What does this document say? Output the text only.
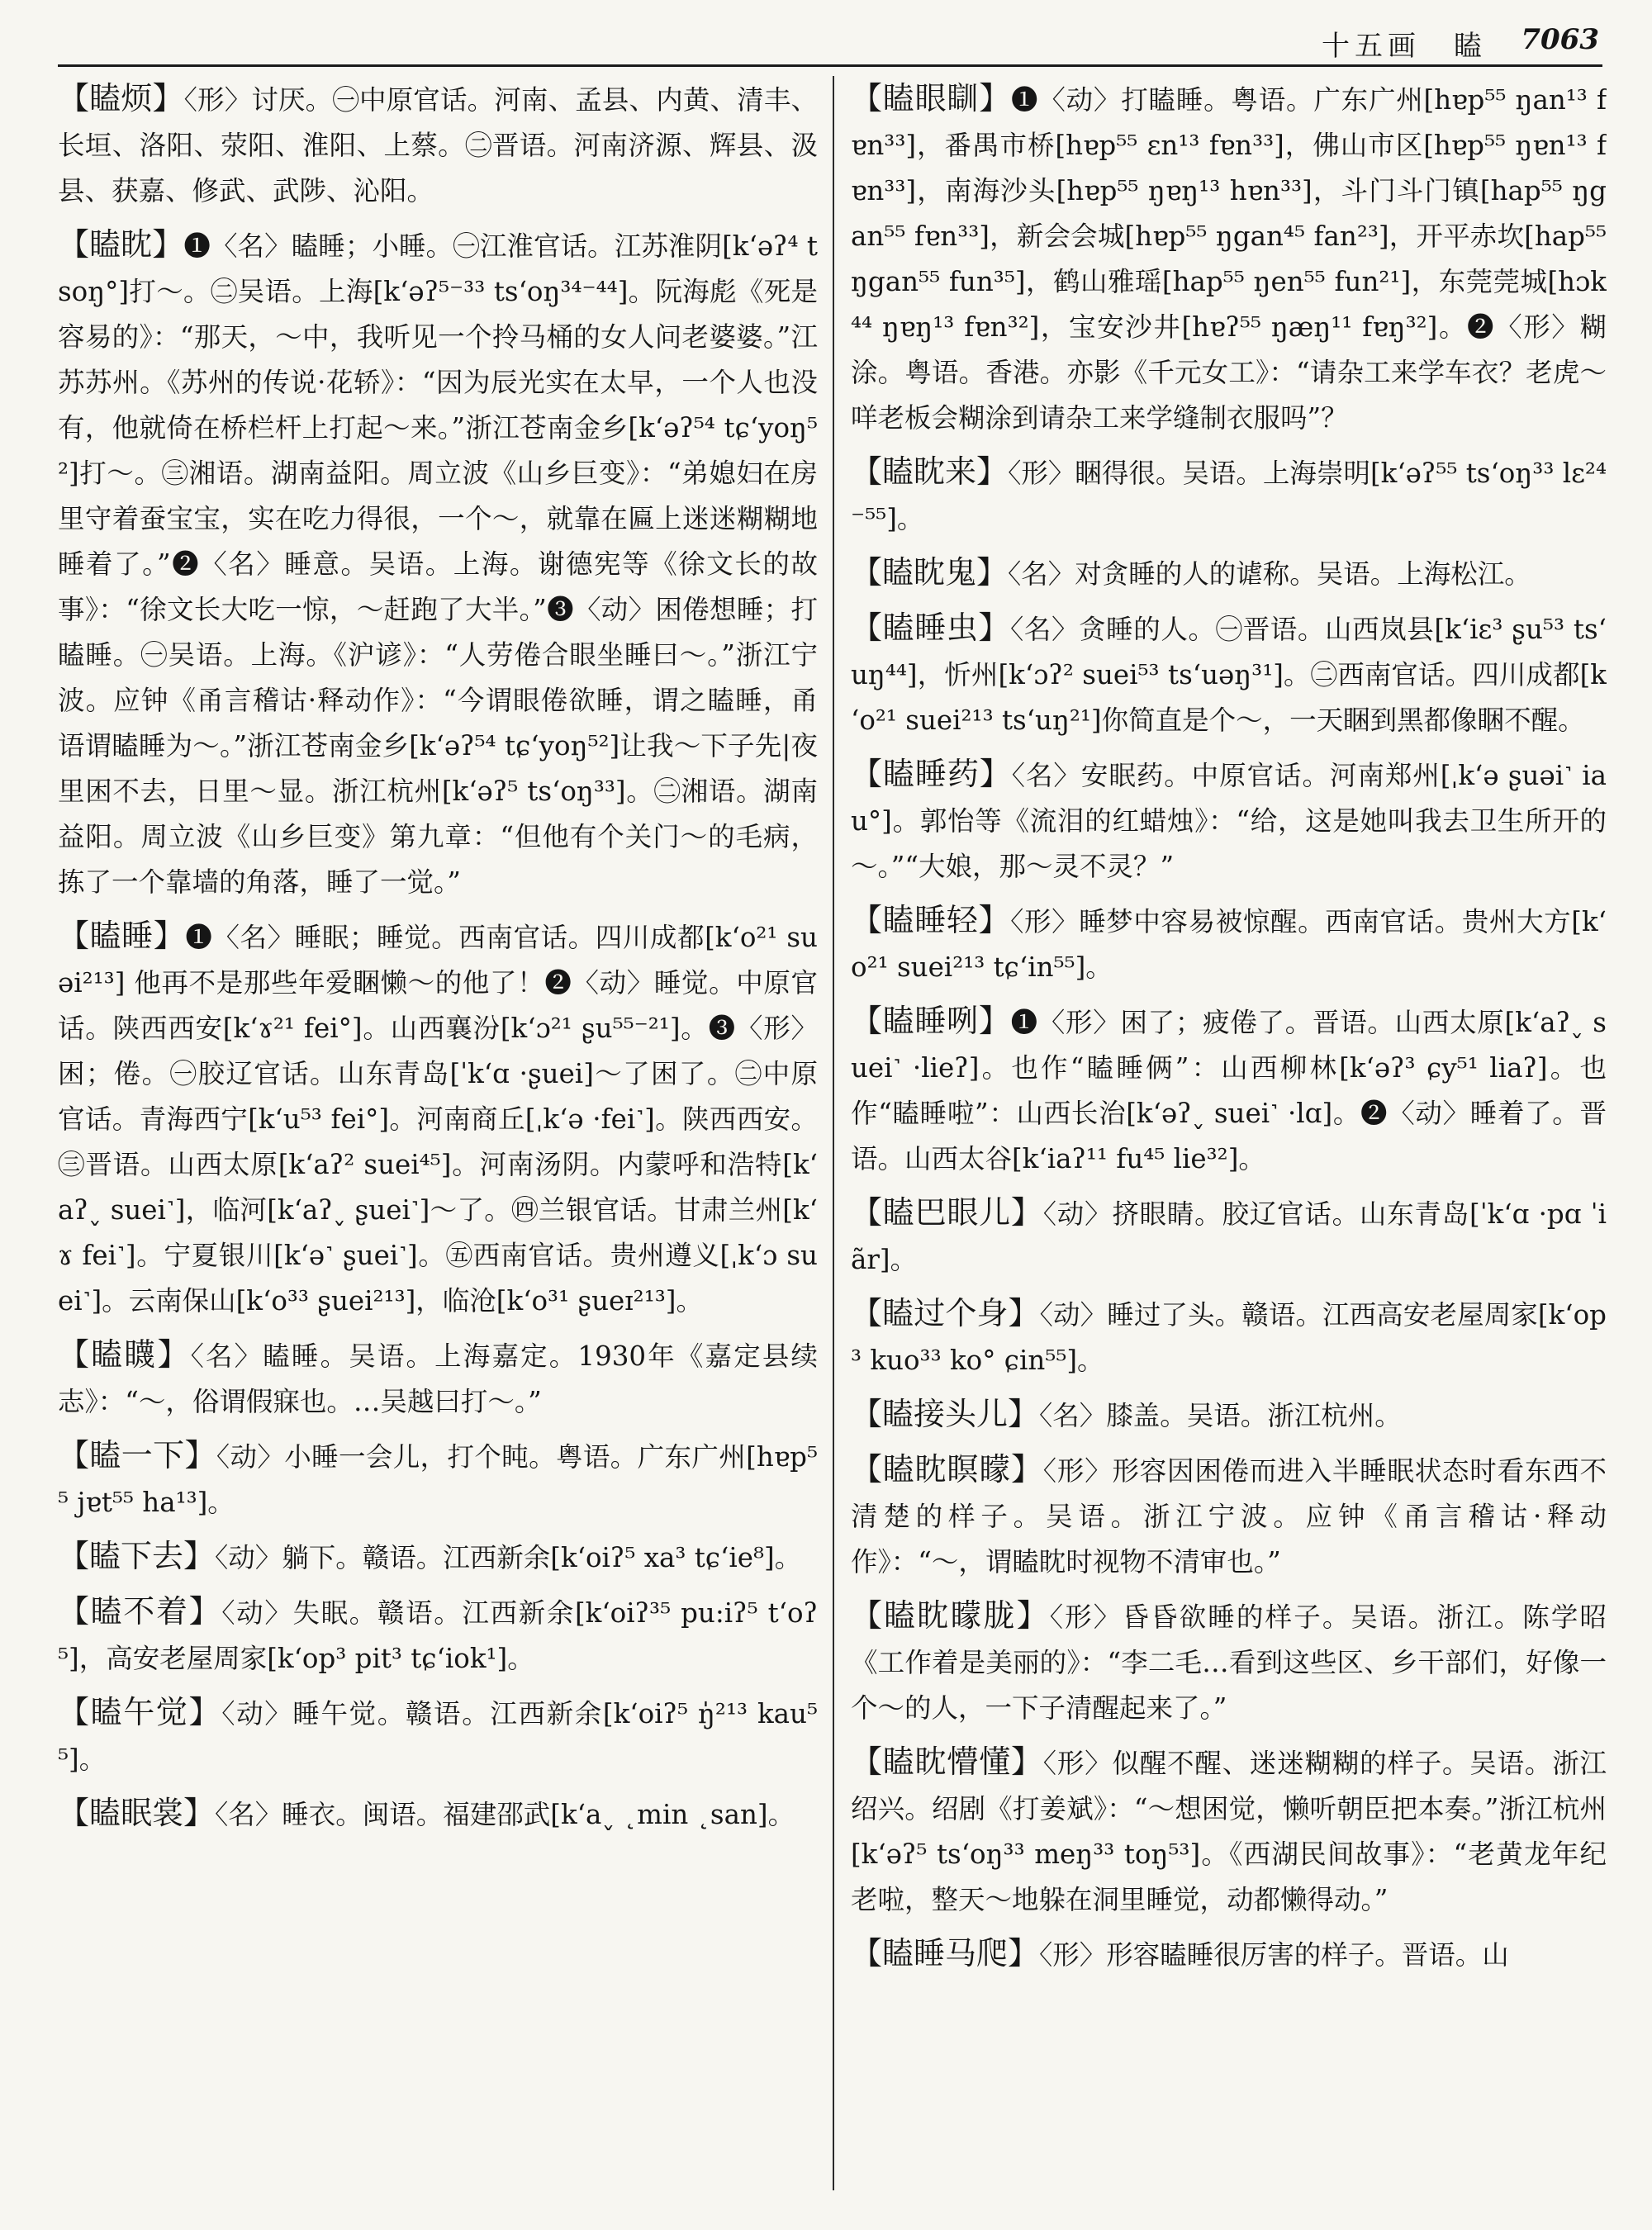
十五画　瞌 7063

【瞌烦】〈形〉讨厌。㊀中原官话。河南、孟县、内黄、清丰、长垣、洛阳、荥阳、淮阳、上蔡。㊁晋语。河南济源、辉县、汲县、获嘉、修武、武陟、沁阳。

【瞌眈】❶〈名〉瞌睡；小睡。㊀江淮官话。江苏淮阴[kʻəʔ⁴ tsoŋ°]打～。㊁吴语。上海[kʻəʔ⁵⁻³³ tsʻoŋ³⁴⁻⁴⁴]。阮海彪《死是容易的》：“那天，～中，我听见一个拎马桶的女人问老婆婆。”江苏苏州。《苏州的传说·花轿》：“因为辰光实在太早，一个人也没有，他就倚在桥栏杆上打起～来。”浙江苍南金乡[kʻəʔ⁵⁴ tɕʻyoŋ⁵²]打～。㊂湘语。湖南益阳。周立波《山乡巨变》：“弟媳妇在房里守着蚕宝宝，实在吃力得很，一个～，就靠在匾上迷迷糊糊地睡着了。”❷〈名〉睡意。吴语。上海。谢德宪等《徐文长的故事》：“徐文长大吃一惊，～赶跑了大半。”❸〈动〉困倦想睡；打瞌睡。㊀吴语。上海。《沪谚》：“人劳倦合眼坐睡曰～。”浙江宁波。应钟《甬言稽诂·释动作》：“今谓眼倦欲睡，谓之瞌睡，甬语谓瞌睡为～。”浙江苍南金乡[kʻəʔ⁵⁴ tɕʻyoŋ⁵²]让我～下子先|夜里困不去，日里～显。浙江杭州[kʻəʔ⁵ tsʻoŋ³³]。㊁湘语。湖南益阳。周立波《山乡巨变》第九章：“但他有个关门～的毛病，拣了一个靠墙的角落，睡了一觉。”

【瞌睡】❶〈名〉睡眠；睡觉。西南官话。四川成都[kʻo²¹ suəi²¹³] 他再不是那些年爱睏懒～的他了！❷〈动〉睡觉。中原官话。陕西西安[kʻɤ²¹ fei°]。山西襄汾[kʻɔ²¹ ʂu⁵⁵⁻²¹]。❸〈形〉困；倦。㊀胶辽官话。山东青岛[ˈkʻɑ ·ʂuei]～了困了。㊁中原官话。青海西宁[kʻu⁵³ fei°]。河南商丘[ˌkʻə ·fei˺]。陕西西安。㊂晋语。山西太原[kʻaʔ² suei⁴⁵]。河南汤阴。内蒙呼和浩特[kʻaʔ˯ suei˺]，临河[kʻaʔ˯ ʂuei˺]～了。㊃兰银官话。甘肃兰州[kʻɤ fei˺]。宁夏银川[kʻə˺ ʂuei˺]。㊄西南官话。贵州遵义[ˌkʻɔ suei˺]。云南保山[kʻo³³ ʂuei²¹³]，临沧[kʻo³¹ ʂueɪ²¹³]。

【瞌䁾】〈名〉瞌睡。吴语。上海嘉定。1930年《嘉定县续志》：“～，俗谓假寐也。…吴越曰打～。”

【瞌一下】〈动〉小睡一会儿，打个盹。粤语。广东广州[hɐp⁵⁵ jɐt⁵⁵ ha¹³]。

【瞌下去】〈动〉躺下。赣语。江西新余[kʻoiʔ⁵ xa³ tɕʻie⁸]。

【瞌不着】〈动〉失眠。赣语。江西新余[kʻoiʔ³⁵ pu:iʔ⁵ tʻoʔ⁵]，高安老屋周家[kʻop³ pit³ tɕʻiok¹]。

【瞌午觉】〈动〉睡午觉。赣语。江西新余[kʻoiʔ⁵ ŋ̍²¹³ kau⁵⁵]。

【瞌眠裳】〈名〉睡衣。闽语。福建邵武[kʻa˯ ˛min ˛san]。

【瞌眼瞓】❶〈动〉打瞌睡。粤语。广东广州[hɐp⁵⁵ ŋan¹³ fɐn³³]，番禺市桥[hɐp⁵⁵ ɛn¹³ fɐn³³]，佛山市区[hɐp⁵⁵ ŋɐn¹³ fɐn³³]，南海沙头[hɐp⁵⁵ ŋɐŋ¹³ hɐn³³]，斗门斗门镇[hap⁵⁵ ŋgan⁵⁵ fɐn³³]，新会会城[hɐp⁵⁵ ŋgan⁴⁵ fan²³]，开平赤坎[hap⁵⁵ ŋgan⁵⁵ fun³⁵]，鹤山雅瑶[hap⁵⁵ ŋen⁵⁵ fun²¹]，东莞莞城[hɔk⁴⁴ ŋɐŋ¹³ fɐn³²]，宝安沙井[hɐʔ⁵⁵ ŋæŋ¹¹ fɐŋ³²]。❷〈形〉糊涂。粤语。香港。亦影《千元女工》：“请杂工来学车衣？老虎～咩老板会糊涂到请杂工来学缝制衣服吗”？

【瞌眈来】〈形〉睏得很。吴语。上海崇明[kʻəʔ⁵⁵ tsʻoŋ³³ lɛ²⁴⁻⁵⁵]。

【瞌眈鬼】〈名〉对贪睡的人的谑称。吴语。上海松江。

【瞌睡虫】〈名〉贪睡的人。㊀晋语。山西岚县[kʻiɛ³ ʂu⁵³ tsʻuŋ⁴⁴]，忻州[kʻɔʔ² suei⁵³ tsʻuəŋ³¹]。㊁西南官话。四川成都[kʻo²¹ suei²¹³ tsʻuŋ²¹]你简直是个～，一天睏到黑都像睏不醒。

【瞌睡药】〈名〉安眠药。中原官话。河南郑州[ˌkʻə ʂuəi˺ iau°]。郭怡等《流泪的红蜡烛》：“给，这是她叫我去卫生所开的～。”“大娘，那～灵不灵？”

【瞌睡轻】〈形〉睡梦中容易被惊醒。西南官话。贵州大方[kʻo²¹ suei²¹³ tɕʻin⁵⁵]。

【瞌睡咧】❶〈形〉困了；疲倦了。晋语。山西太原[kʻaʔ˯ suei˺ ·lieʔ]。也作“瞌睡俩”：山西柳林[kʻəʔ³ ɕy⁵¹ liaʔ]。也作“瞌睡啦”：山西长治[kʻəʔ˯ suei˺ ·lɑ]。❷〈动〉睡着了。晋语。山西太谷[kʻiaʔ¹¹ fu⁴⁵ lie³²]。

【瞌巴眼儿】〈动〉挤眼睛。胶辽官话。山东青岛[ˈkʻɑ ·pɑ ˈiãr]。

【瞌过个身】〈动〉睡过了头。赣语。江西高安老屋周家[kʻop³ kuo³³ ko° ɕin⁵⁵]。

【瞌接头儿】〈名〉膝盖。吴语。浙江杭州。

【瞌眈瞑矇】〈形〉形容因困倦而进入半睡眠状态时看东西不清楚的样子。吴语。浙江宁波。应钟《甬言稽诂·释动作》：“～，谓瞌眈时视物不清审也。”

【瞌眈矇胧】〈形〉昏昏欲睡的样子。吴语。浙江。陈学昭《工作着是美丽的》：“李二毛…看到这些区、乡干部们，好像一个～的人，一下子清醒起来了。”

【瞌眈懵懂】〈形〉似醒不醒、迷迷糊糊的样子。吴语。浙江绍兴。绍剧《打姜斌》：“～想困觉，懒听朝臣把本奏。”浙江杭州[kʻəʔ⁵ tsʻoŋ³³ meŋ³³ toŋ⁵³]。《西湖民间故事》：“老黄龙年纪老啦，整天～地躲在洞里睡觉，动都懒得动。”

【瞌睡马爬】〈形〉形容瞌睡很厉害的样子。晋语。山
